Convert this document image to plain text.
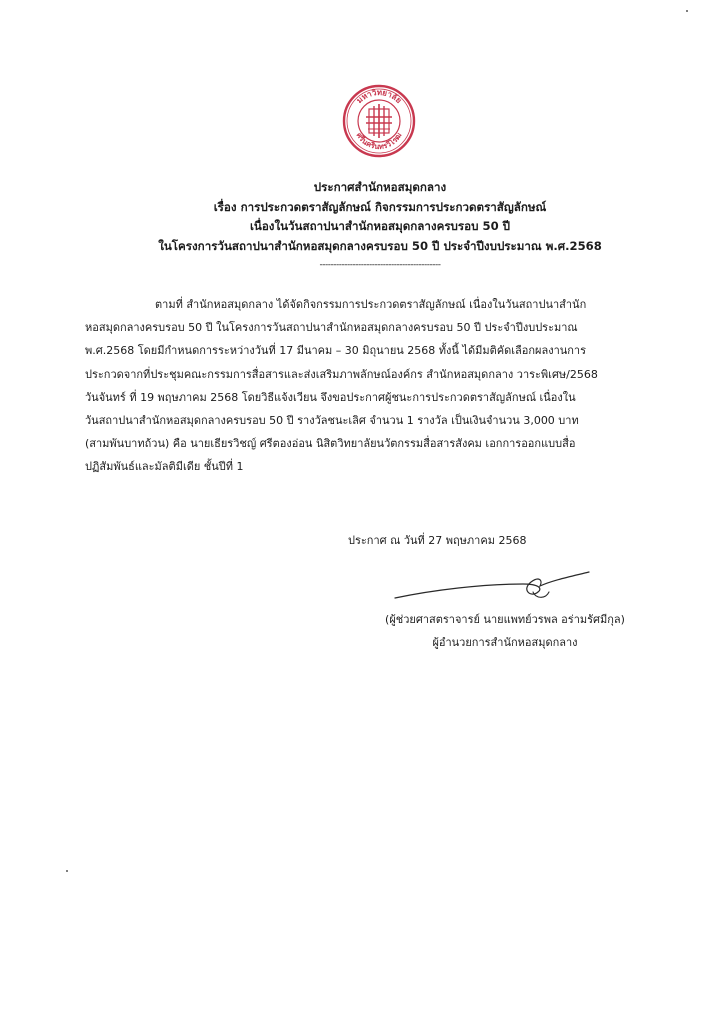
มหาวิทยาลัย
ศรีนครินทรวิโรฒ
ประกาศสำนักหอสมุดกลาง
เรื่อง การประกวดตราสัญลักษณ์ กิจกรรมการประกวดตราสัญลักษณ์
เนื่องในวันสถาปนาสำนักหอสมุดกลางครบรอบ 50 ปี
ในโครงการวันสถาปนาสำนักหอสมุดกลางครบรอบ 50 ปี ประจำปีงบประมาณ พ.ศ.2568
--------------------------------------------
ตามที่ สำนักหอสมุดกลาง ได้จัดกิจกรรมการประกวดตราสัญลักษณ์ เนื่องในวันสถาปนาสำนัก
หอสมุดกลางครบรอบ 50 ปี ในโครงการวันสถาปนาสำนักหอสมุดกลางครบรอบ 50 ปี ประจำปีงบประมาณ
พ.ศ.2568 โดยมีกำหนดการระหว่างวันที่ 17 มีนาคม – 30 มิถุนายน 2568 ทั้งนี้ ได้มีมติคัดเลือกผลงานการ
ประกวดจากที่ประชุมคณะกรรมการสื่อสารและส่งเสริมภาพลักษณ์องค์กร สำนักหอสมุดกลาง วาระพิเศษ/2568
วันจันทร์ ที่ 19 พฤษภาคม 2568 โดยวิธีแจ้งเวียน จึงขอประกาศผู้ชนะการประกวดตราสัญลักษณ์ เนื่องใน
วันสถาปนาสำนักหอสมุดกลางครบรอบ 50 ปี รางวัลชนะเลิศ จำนวน 1 รางวัล เป็นเงินจำนวน 3,000 บาท
(สามพันบาทถ้วน) คือ นายเธียรวิชญ์ ศรีตองอ่อน นิสิตวิทยาลัยนวัตกรรมสื่อสารสังคม เอกการออกแบบสื่อ
ปฏิสัมพันธ์และมัลติมีเดีย ชั้นปีที่ 1
ประกาศ ณ วันที่ 27 พฤษภาคม 2568
(ผู้ช่วยศาสตราจารย์ นายแพทย์วรพล อร่ามรัศมีกุล)
ผู้อำนวยการสำนักหอสมุดกลาง
